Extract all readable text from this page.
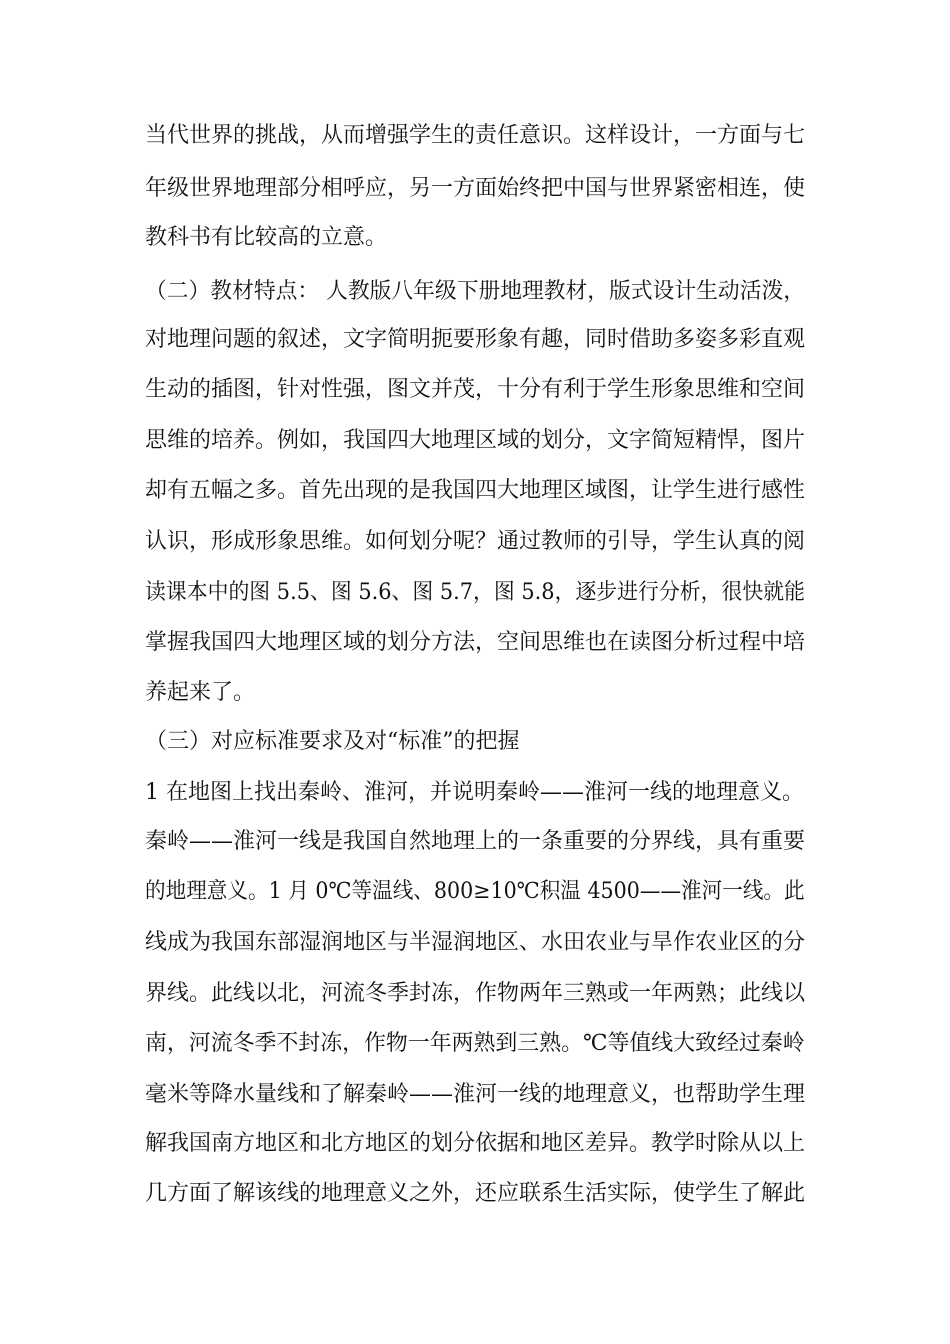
当代世界的挑战，从而增强学生的责任意识。这样设计，一方面与七
年级世界地理部分相呼应，另一方面始终把中国与世界紧密相连，使
教科书有比较高的立意。
（二）教材特点： 人教版八年级下册地理教材，版式设计生动活泼，
对地理问题的叙述，文字简明扼要形象有趣，同时借助多姿多彩直观
生动的插图，针对性强，图文并茂，十分有利于学生形象思维和空间
思维的培养。例如，我国四大地理区域的划分，文字简短精悍，图片
却有五幅之多。首先出现的是我国四大地理区域图，让学生进行感性
认识，形成形象思维。如何划分呢？通过教师的引导，学生认真的阅
读课本中的图 5.5、图 5.6、图 5.7，图 5.8，逐步进行分析，很快就能
掌握我国四大地理区域的划分方法，空间思维也在读图分析过程中培
养起来了。
（三）对应标准要求及对“标准”的把握
1 在地图上找出秦岭、淮河，并说明秦岭——淮河一线的地理意义。
秦岭——淮河一线是我国自然地理上的一条重要的分界线，具有重要
的地理意义。1 月 0℃等温线、800≥10℃积温 4500——淮河一线。此
线成为我国东部湿润地区与半湿润地区、水田农业与旱作农业区的分
界线。此线以北，河流冬季封冻，作物两年三熟或一年两熟；此线以
南，河流冬季不封冻，作物一年两熟到三熟。℃等值线大致经过秦岭
毫米等降水量线和了解秦岭——淮河一线的地理意义，也帮助学生理
解我国南方地区和北方地区的划分依据和地区差异。教学时除从以上
几方面了解该线的地理意义之外，还应联系生活实际，使学生了解此
